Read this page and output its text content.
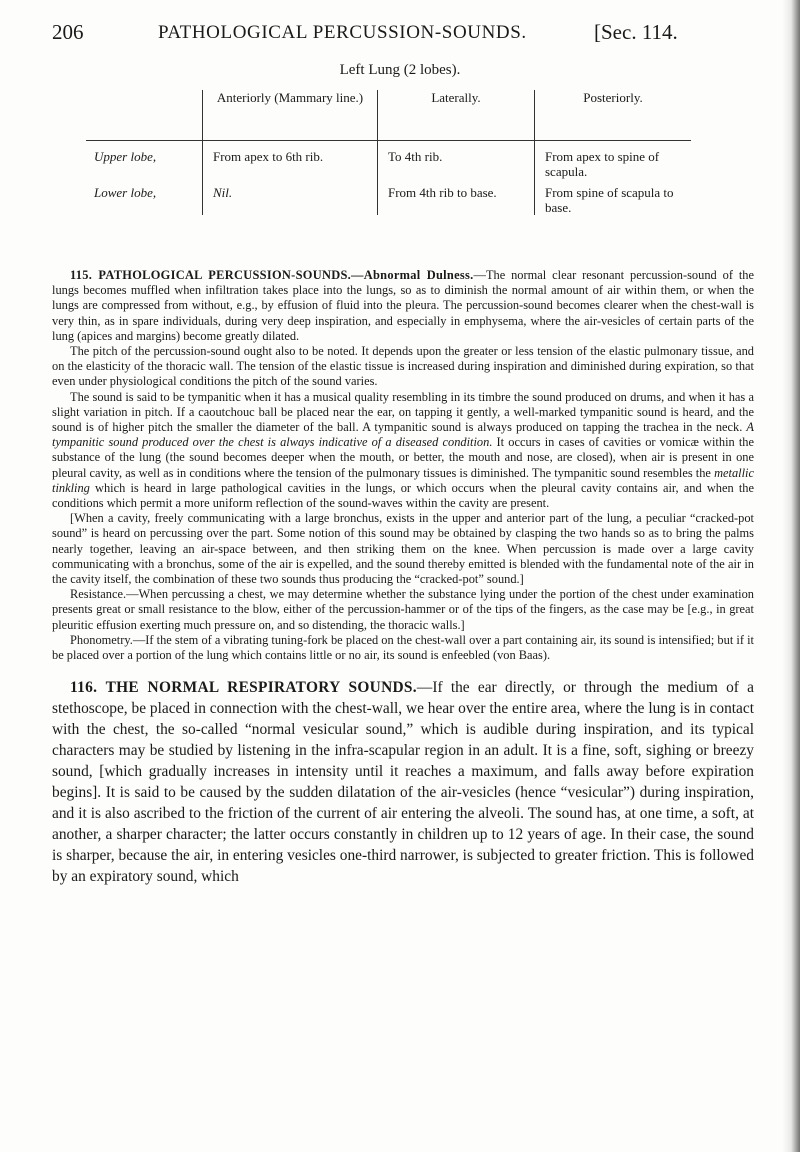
206	PATHOLOGICAL PERCUSSION-SOUNDS.	[Sec. 114.
Left Lung (2 lobes).
	Anteriorly (Mammary line.)	Laterally.	Posteriorly.
Upper lobe,	From apex to 6th rib.	To 4th rib.	From apex to spine of scapula.
Lower lobe,	Nil.	From 4th rib to base.	From spine of scapula to base.

115. PATHOLOGICAL PERCUSSION-SOUNDS.—Abnormal Dulness.—The normal clear resonant percussion-sound of the lungs becomes muffled when infiltration takes place into the lungs, so as to diminish the normal amount of air within them, or when the lungs are compressed from without, e.g., by effusion of fluid into the pleura. The percussion-sound becomes clearer when the chest-wall is very thin, as in spare individuals, during very deep inspiration, and especially in emphysema, where the air-vesicles of certain parts of the lung (apices and margins) become greatly dilated.

The pitch of the percussion-sound ought also to be noted. It depends upon the greater or less tension of the elastic pulmonary tissue, and on the elasticity of the thoracic wall. The tension of the elastic tissue is increased during inspiration and diminished during expiration, so that even under physiological conditions the pitch of the sound varies.

The sound is said to be tympanitic when it has a musical quality resembling in its timbre the sound produced on drums, and when it has a slight variation in pitch. If a caoutchouc ball be placed near the ear, on tapping it gently, a well-marked tympanitic sound is heard, and the sound is of higher pitch the smaller the diameter of the ball. A tympanitic sound is always produced on tapping the trachea in the neck. A tympanitic sound produced over the chest is always indicative of a diseased condition. It occurs in cases of cavities or vomicæ within the substance of the lung (the sound becomes deeper when the mouth, or better, the mouth and nose, are closed), when air is present in one pleural cavity, as well as in conditions where the tension of the pulmonary tissues is diminished. The tympanitic sound resembles the metallic tinkling which is heard in large pathological cavities in the lungs, or which occurs when the pleural cavity contains air, and when the conditions which permit a more uniform reflection of the sound-waves within the cavity are present.

[When a cavity, freely communicating with a large bronchus, exists in the upper and anterior part of the lung, a peculiar “cracked-pot sound” is heard on percussing over the part. Some notion of this sound may be obtained by clasping the two hands so as to bring the palms nearly together, leaving an air-space between, and then striking them on the knee. When percussion is made over a large cavity communicating with a bronchus, some of the air is expelled, and the sound thereby emitted is blended with the fundamental note of the air in the cavity itself, the combination of these two sounds thus producing the “cracked-pot” sound.]

Resistance.—When percussing a chest, we may determine whether the substance lying under the portion of the chest under examination presents great or small resistance to the blow, either of the percussion-hammer or of the tips of the fingers, as the case may be [e.g., in great pleuritic effusion exerting much pressure on, and so distending, the thoracic walls.]

Phonometry.—If the stem of a vibrating tuning-fork be placed on the chest-wall over a part containing air, its sound is intensified; but if it be placed over a portion of the lung which contains little or no air, its sound is enfeebled (von Baas).

116. THE NORMAL RESPIRATORY SOUNDS.—If the ear directly, or through the medium of a stethoscope, be placed in connection with the chest-wall, we hear over the entire area, where the lung is in contact with the chest, the so-called “normal vesicular sound,” which is audible during inspiration, and its typical characters may be studied by listening in the infra-scapular region in an adult. It is a fine, soft, sighing or breezy sound, [which gradually increases in intensity until it reaches a maximum, and falls away before expiration begins]. It is said to be caused by the sudden dilatation of the air-vesicles (hence “vesicular”) during inspiration, and it is also ascribed to the friction of the current of air entering the alveoli. The sound has, at one time, a soft, at another, a sharper character; the latter occurs constantly in children up to 12 years of age. In their case, the sound is sharper, because the air, in entering vesicles one-third narrower, is subjected to greater friction. This is followed by an expiratory sound, which
